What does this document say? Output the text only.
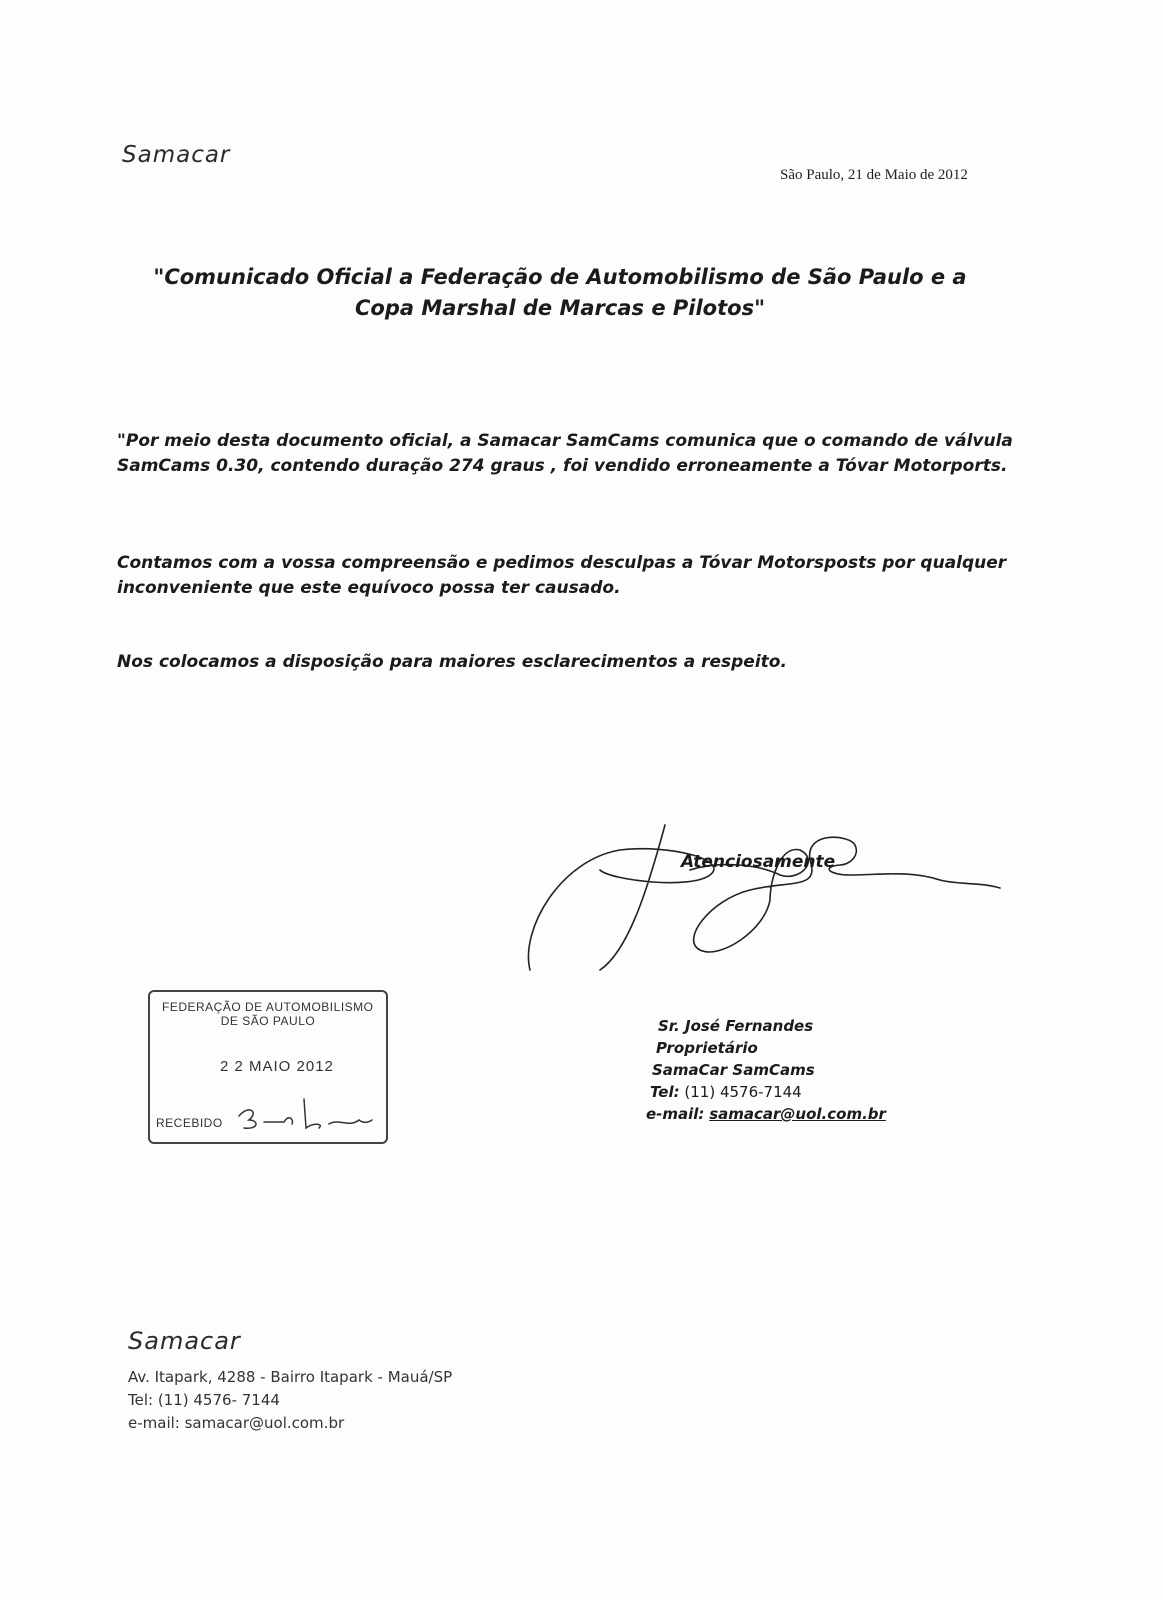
Samacar
São Paulo, 21 de Maio de 2012
"Comunicado Oficial a Federação de Automobilismo de São Paulo e a
Copa Marshal de Marcas e Pilotos"
"Por meio desta documento oficial, a Samacar SamCams comunica que o comando de válvula SamCams 0.30, contendo duração 274 graus , foi vendido erroneamente a Tóvar Motorports.
Contamos com a vossa compreensão e pedimos desculpas a Tóvar Motorsposts por qualquer inconveniente que este equívoco possa ter causado.
Nos colocamos a disposição para maiores esclarecimentos a respeito.
Atenciosamente
FEDERAÇÃO DE AUTOMOBILISMO
DE SÃO PAULO
2 2 MAIO 2012
RECEBIDO
Sr. José Fernandes
Proprietário
SamaCar SamCams
Tel: (11) 4576-7144
e-mail: samacar@uol.com.br
Samacar
Av. Itapark, 4288 - Bairro Itapark - Mauá/SP
Tel: (11) 4576- 7144
e-mail: samacar@uol.com.br
